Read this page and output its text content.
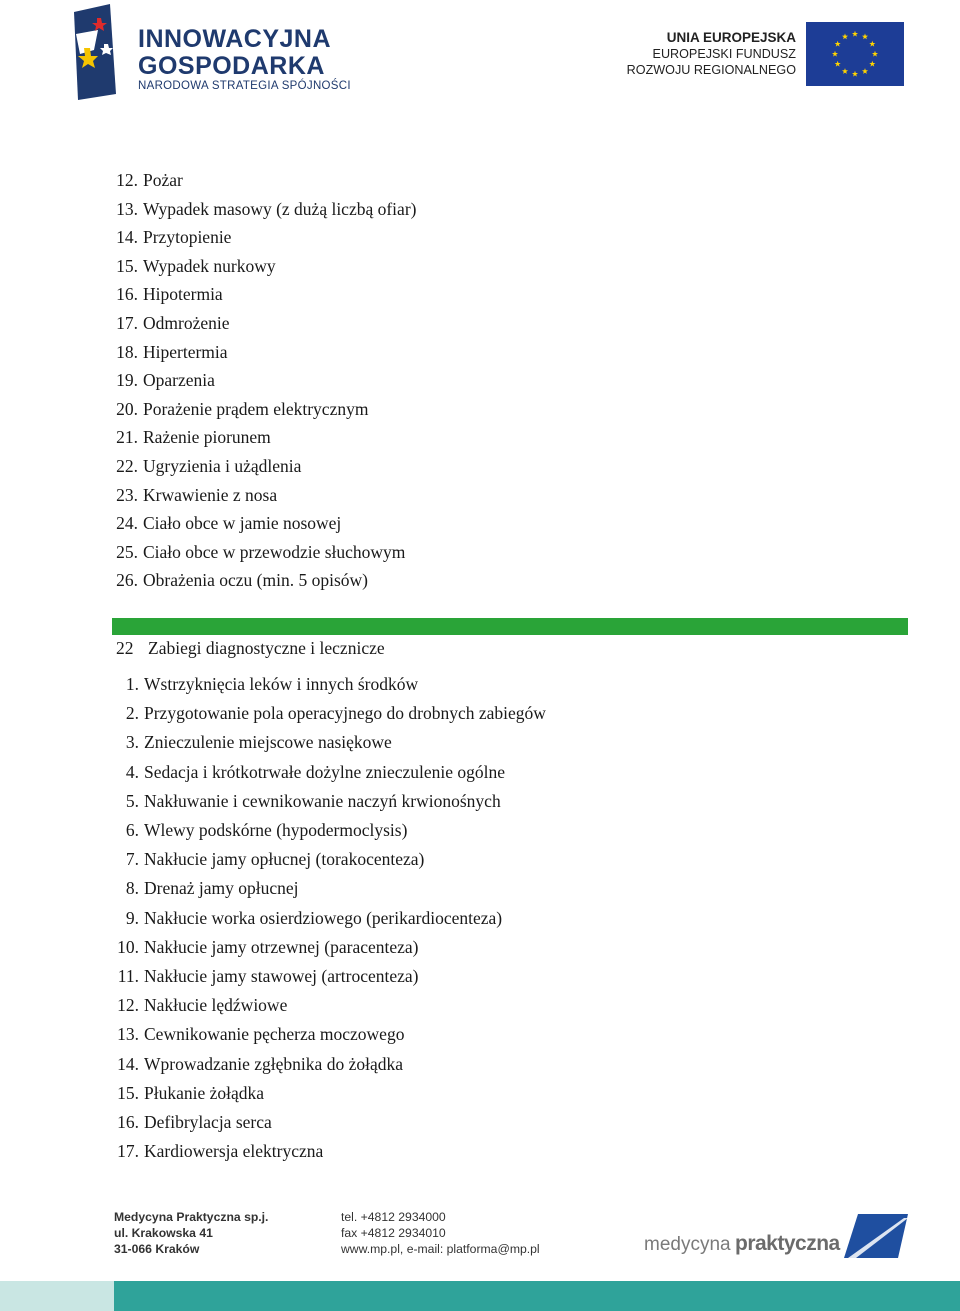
INNOWACYJNA
GOSPODARKA
NARODOWA STRATEGIA SPÓJNOŚCI
UNIA EUROPEJSKA
EUROPEJSKI FUNDUSZ
ROZWOJU REGIONALNEGO
12. Pożar
13. Wypadek masowy (z dużą liczbą ofiar)
14. Przytopienie
15. Wypadek nurkowy
16. Hipotermia
17. Odmrożenie
18. Hipertermia
19. Oparzenia
20. Porażenie prądem elektrycznym
21. Rażenie piorunem
22. Ugryzienia i użądlenia
23. Krwawienie z nosa
24. Ciało obce w jamie nosowej
25. Ciało obce w przewodzie słuchowym
26. Obrażenia oczu (min. 5 opisów)
22 Zabiegi diagnostyczne i lecznicze
1. Wstrzyknięcia leków i innych środków
2. Przygotowanie pola operacyjnego do drobnych zabiegów
3. Znieczulenie miejscowe nasiękowe
4. Sedacja i krótkotrwałe dożylne znieczulenie ogólne
5. Nakłuwanie i cewnikowanie naczyń krwionośnych
6. Wlewy podskórne (hypodermoclysis)
7. Nakłucie jamy opłucnej (torakocenteza)
8. Drenaż jamy opłucnej
9. Nakłucie worka osierdziowego (perikardiocenteza)
10. Nakłucie jamy otrzewnej (paracenteza)
11. Nakłucie jamy stawowej (artrocenteza)
12. Nakłucie lędźwiowe
13. Cewnikowanie pęcherza moczowego
14. Wprowadzanie zgłębnika do żołądka
15. Płukanie żołądka
16. Defibrylacja serca
17. Kardiowersja elektryczna
Medycyna Praktyczna sp.j.
ul. Krakowska 41
31-066 Kraków
tel. +4812 2934000
fax +4812 2934010
www.mp.pl, e-mail: platforma@mp.pl	medycyna praktyczna
